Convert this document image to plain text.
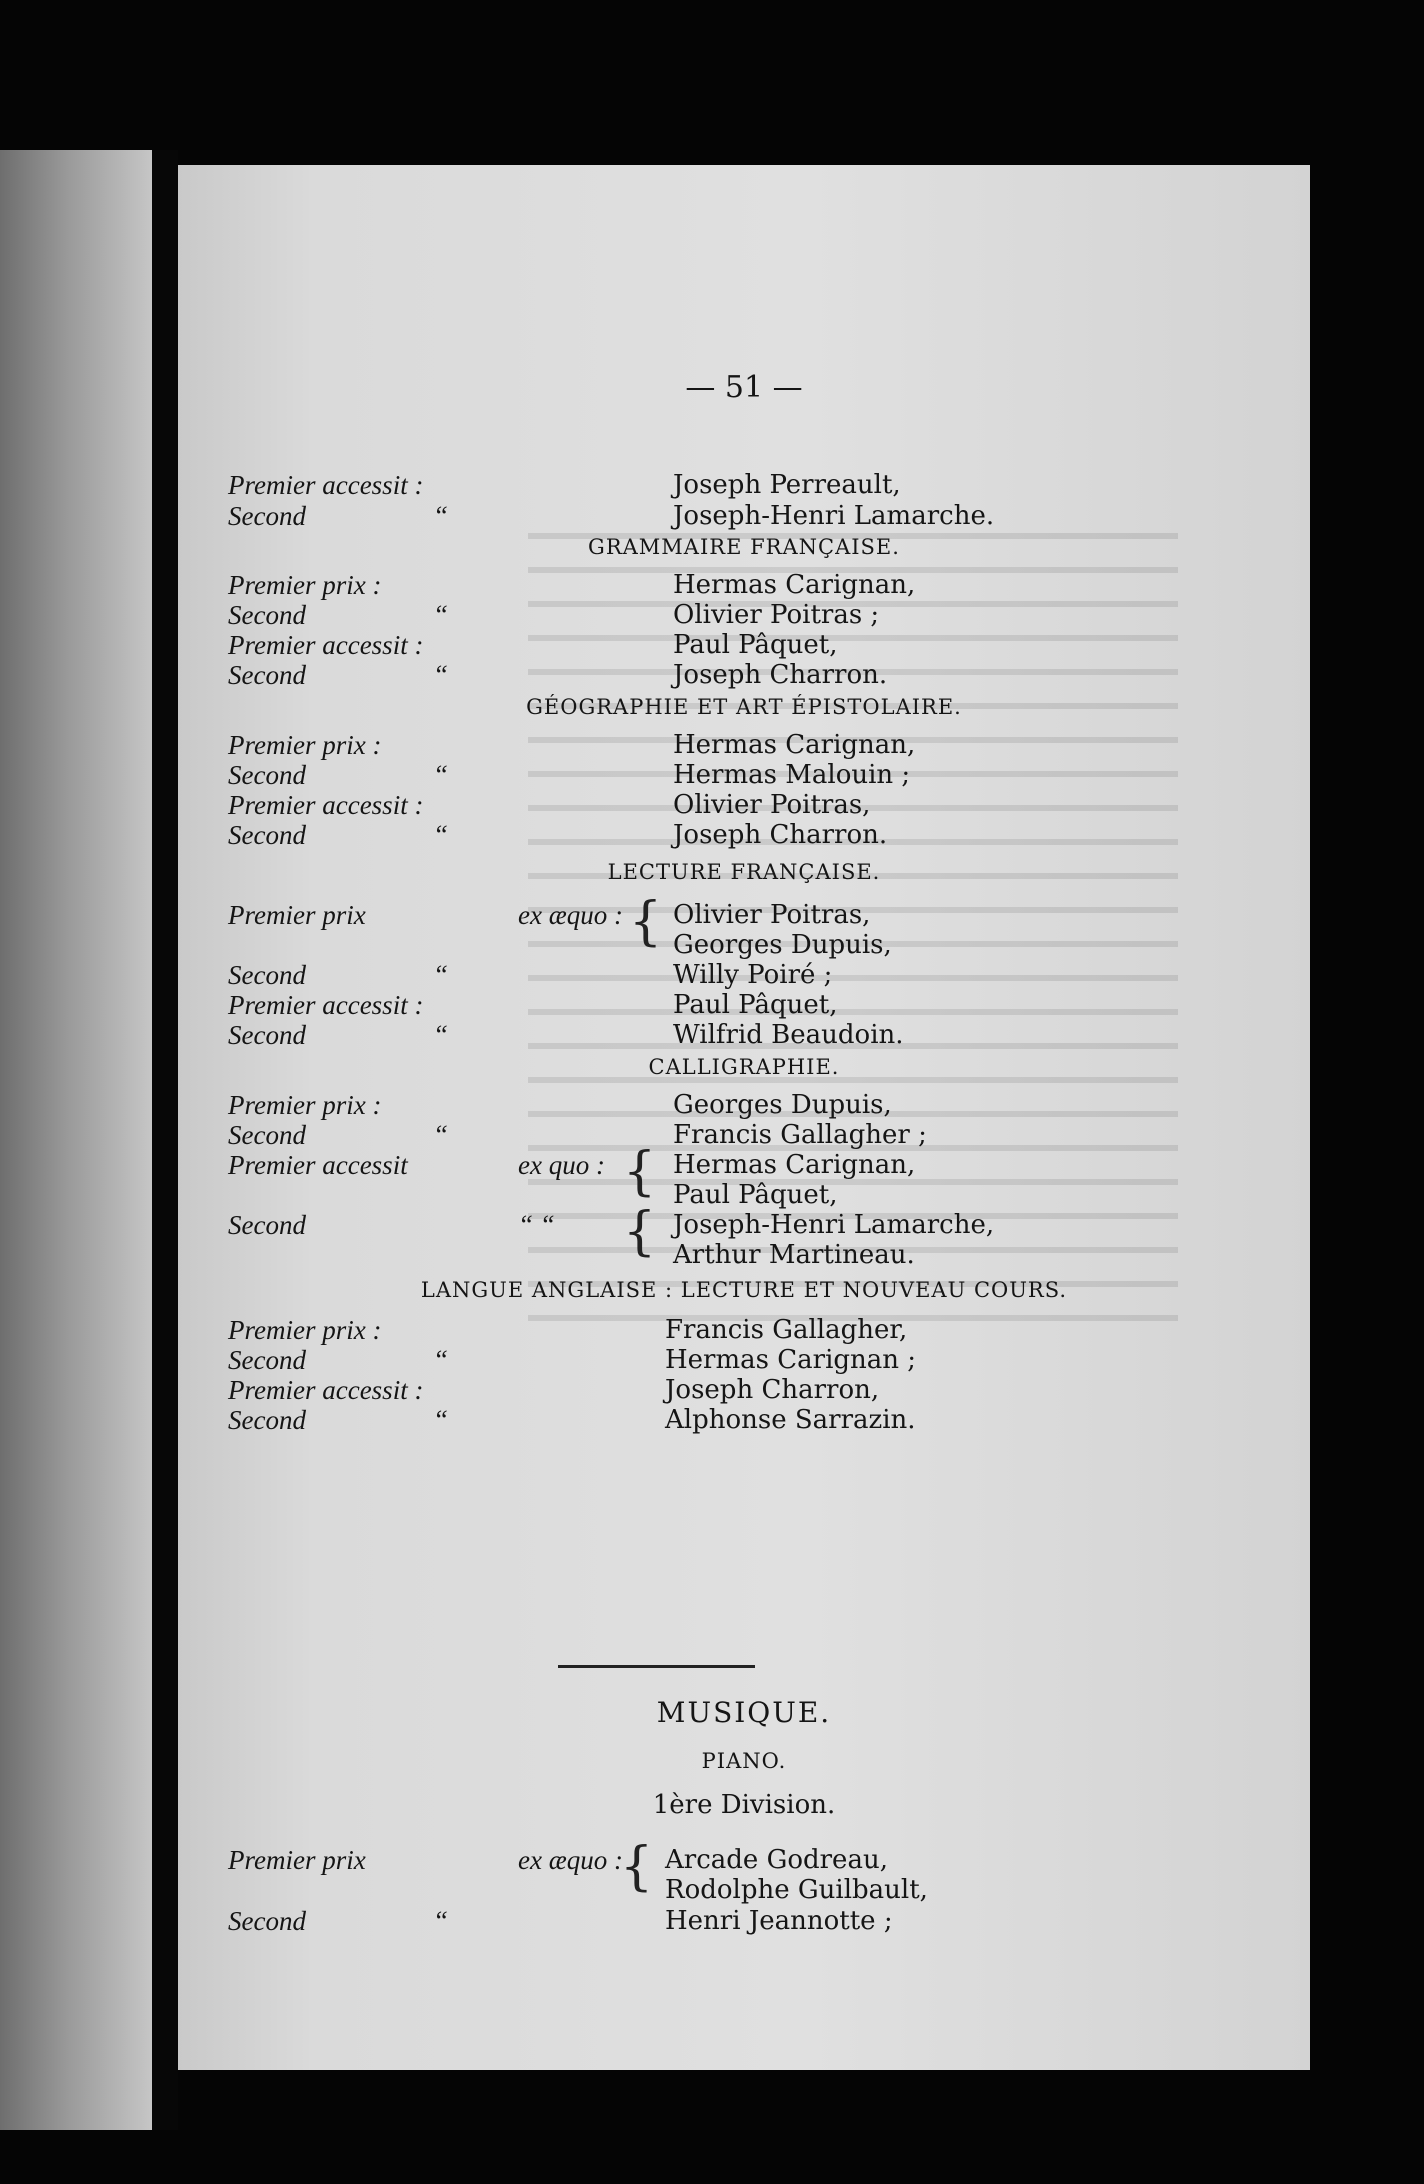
— 51 —
Premier accessit :	Joseph Perreault,
Second	“	Joseph-Henri Lamarche.
GRAMMAIRE FRANÇAISE.
Premier prix :	Hermas Carignan,
Second	“	Olivier Poitras ;
Premier accessit :	Paul Pâquet,
Second	“	Joseph Charron.
GÉOGRAPHIE ET ART ÉPISTOLAIRE.
Premier prix :	Hermas Carignan,
Second	“	Hermas Malouin ;
Premier accessit :	Olivier Poitras,
Second	“	Joseph Charron.
LECTURE FRANÇAISE.
Premier prix	ex æquo : Olivier Poitras,
Georges Dupuis,
Second	“	Willy Poiré ;
Premier accessit :	Paul Pâquet,
Second	“	Wilfrid Beaudoin.
CALLIGRAPHIE.
Premier prix :	Georges Dupuis,
Second	“	Francis Gallagher ;
Premier accessit	ex quo :	Hermas Carignan,
Paul Pâquet,
Second	“ “	Joseph-Henri Lamarche,
Arthur Martineau.
LANGUE ANGLAISE : LECTURE ET NOUVEAU COURS.
Premier prix :	Francis Gallagher,
Second	“	Hermas Carignan ;
Premier accessit :	Joseph Charron,
Second	“	Alphonse Sarrazin.
Premier prix	ex æquo : Arcade Godreau,
Rodolphe Guilbault,
Second	“	Henri Jeannotte ;
{
{
{
{
MUSIQUE.
PIANO.
1ère Division.
